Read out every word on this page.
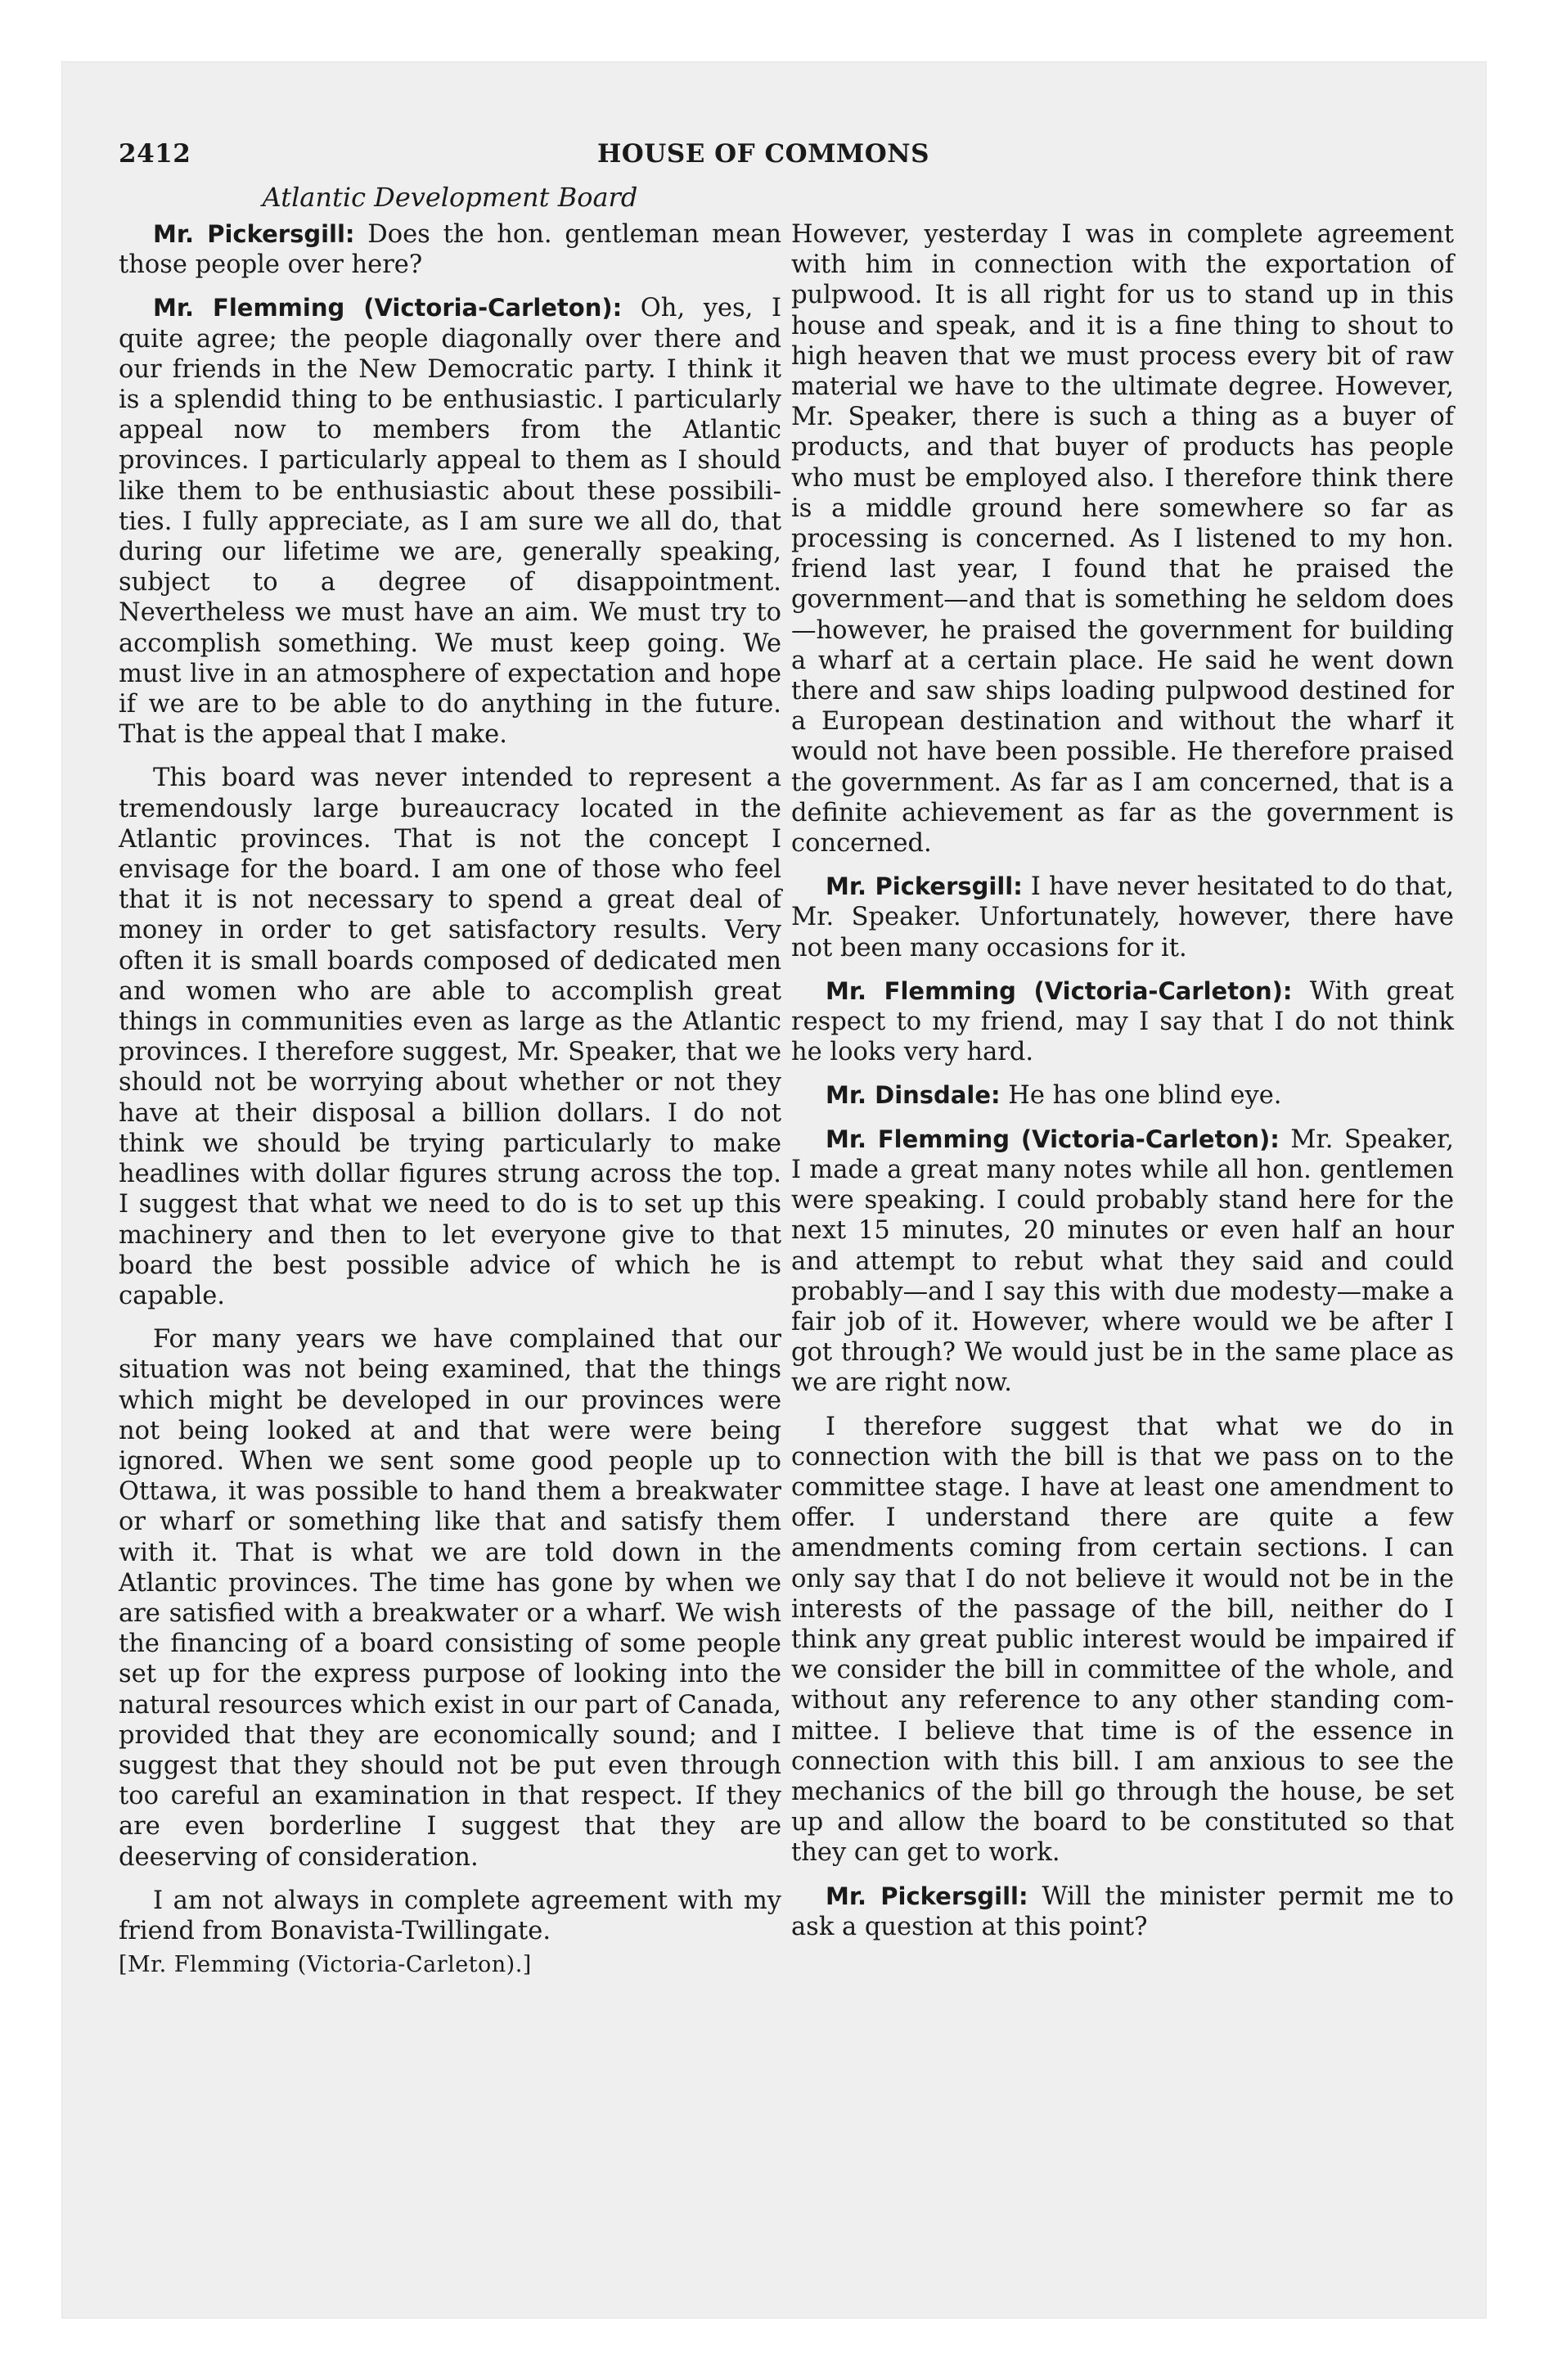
2412	HOUSE OF COMMONS
Atlantic Development Board

Mr. Pickersgill: Does the hon. gentleman mean those people over here?

Mr. Flemming (Victoria-Carleton): Oh, yes, I quite agree; the people diagonally over there and our friends in the New Democratic party. I think it is a splendid thing to be enthusiastic. I particularly appeal now to members from the Atlantic provinces. I particularly appeal to them as I should like them to be enthusiastic about these possibilities. I fully appreciate, as I am sure we all do, that during our lifetime we are, generally speaking, subject to a degree of disappointment. Nevertheless we must have an aim. We must try to accomplish something. We must keep going. We must live in an atmosphere of expectation and hope if we are to be able to do anything in the future. That is the appeal that I make.

This board was never intended to represent a tremendously large bureaucracy located in the Atlantic provinces. That is not the concept I envisage for the board. I am one of those who feel that it is not necessary to spend a great deal of money in order to get satisfactory results. Very often it is small boards composed of dedicated men and women who are able to accomplish great things in communities even as large as the Atlantic provinces. I therefore suggest, Mr. Speaker, that we should not be worrying about whether or not they have at their disposal a billion dollars. I do not think we should be trying particularly to make headlines with dollar figures strung across the top. I suggest that what we need to do is to set up this machinery and then to let everyone give to that board the best possible advice of which he is capable.

For many years we have complained that our situation was not being examined, that the things which might be developed in our provinces were not being looked at and that were were being ignored. When we sent some good people up to Ottawa, it was possible to hand them a breakwater or wharf or something like that and satisfy them with it. That is what we are told down in the Atlantic provinces. The time has gone by when we are satisfied with a breakwater or a wharf. We wish the financing of a board consisting of some people set up for the express purpose of looking into the natural resources which exist in our part of Canada, provided that they are economically sound; and I suggest that they should not be put even through too careful an examination in that respect. If they are even borderline I suggest that they are deeserving of consideration.

I am not always in complete agreement with my friend from Bonavista-Twillingate.

[Mr. Flemming (Victoria-Carleton).]

However, yesterday I was in complete agreement with him in connection with the exportation of pulpwood. It is all right for us to stand up in this house and speak, and it is a fine thing to shout to high heaven that we must process every bit of raw material we have to the ultimate degree. However, Mr. Speaker, there is such a thing as a buyer of products, and that buyer of products has people who must be employed also. I therefore think there is a middle ground here somewhere so far as processing is concerned. As I listened to my hon. friend last year, I found that he praised the government—and that is something he seldom does—however, he praised the government for building a wharf at a certain place. He said he went down there and saw ships loading pulpwood destined for a European destination and without the wharf it would not have been possible. He therefore praised the government. As far as I am concerned, that is a definite achievement as far as the government is concerned.

Mr. Pickersgill: I have never hesitated to do that, Mr. Speaker. Unfortunately, however, there have not been many occasions for it.

Mr. Flemming (Victoria-Carleton): With great respect to my friend, may I say that I do not think he looks very hard.

Mr. Dinsdale: He has one blind eye.

Mr. Flemming (Victoria-Carleton): Mr. Speaker, I made a great many notes while all hon. gentlemen were speaking. I could probably stand here for the next 15 minutes, 20 minutes or even half an hour and attempt to rebut what they said and could probably—and I say this with due modesty—make a fair job of it. However, where would we be after I got through? We would just be in the same place as we are right now.

I therefore suggest that what we do in connection with the bill is that we pass on to the committee stage. I have at least one amendment to offer. I understand there are quite a few amendments coming from certain sections. I can only say that I do not believe it would not be in the interests of the passage of the bill, neither do I think any great public interest would be impaired if we consider the bill in committee of the whole, and without any reference to any other standing committee. I believe that time is of the essence in connection with this bill. I am anxious to see the mechanics of the bill go through the house, be set up and allow the board to be constituted so that they can get to work.

Mr. Pickersgill: Will the minister permit me to ask a question at this point?
